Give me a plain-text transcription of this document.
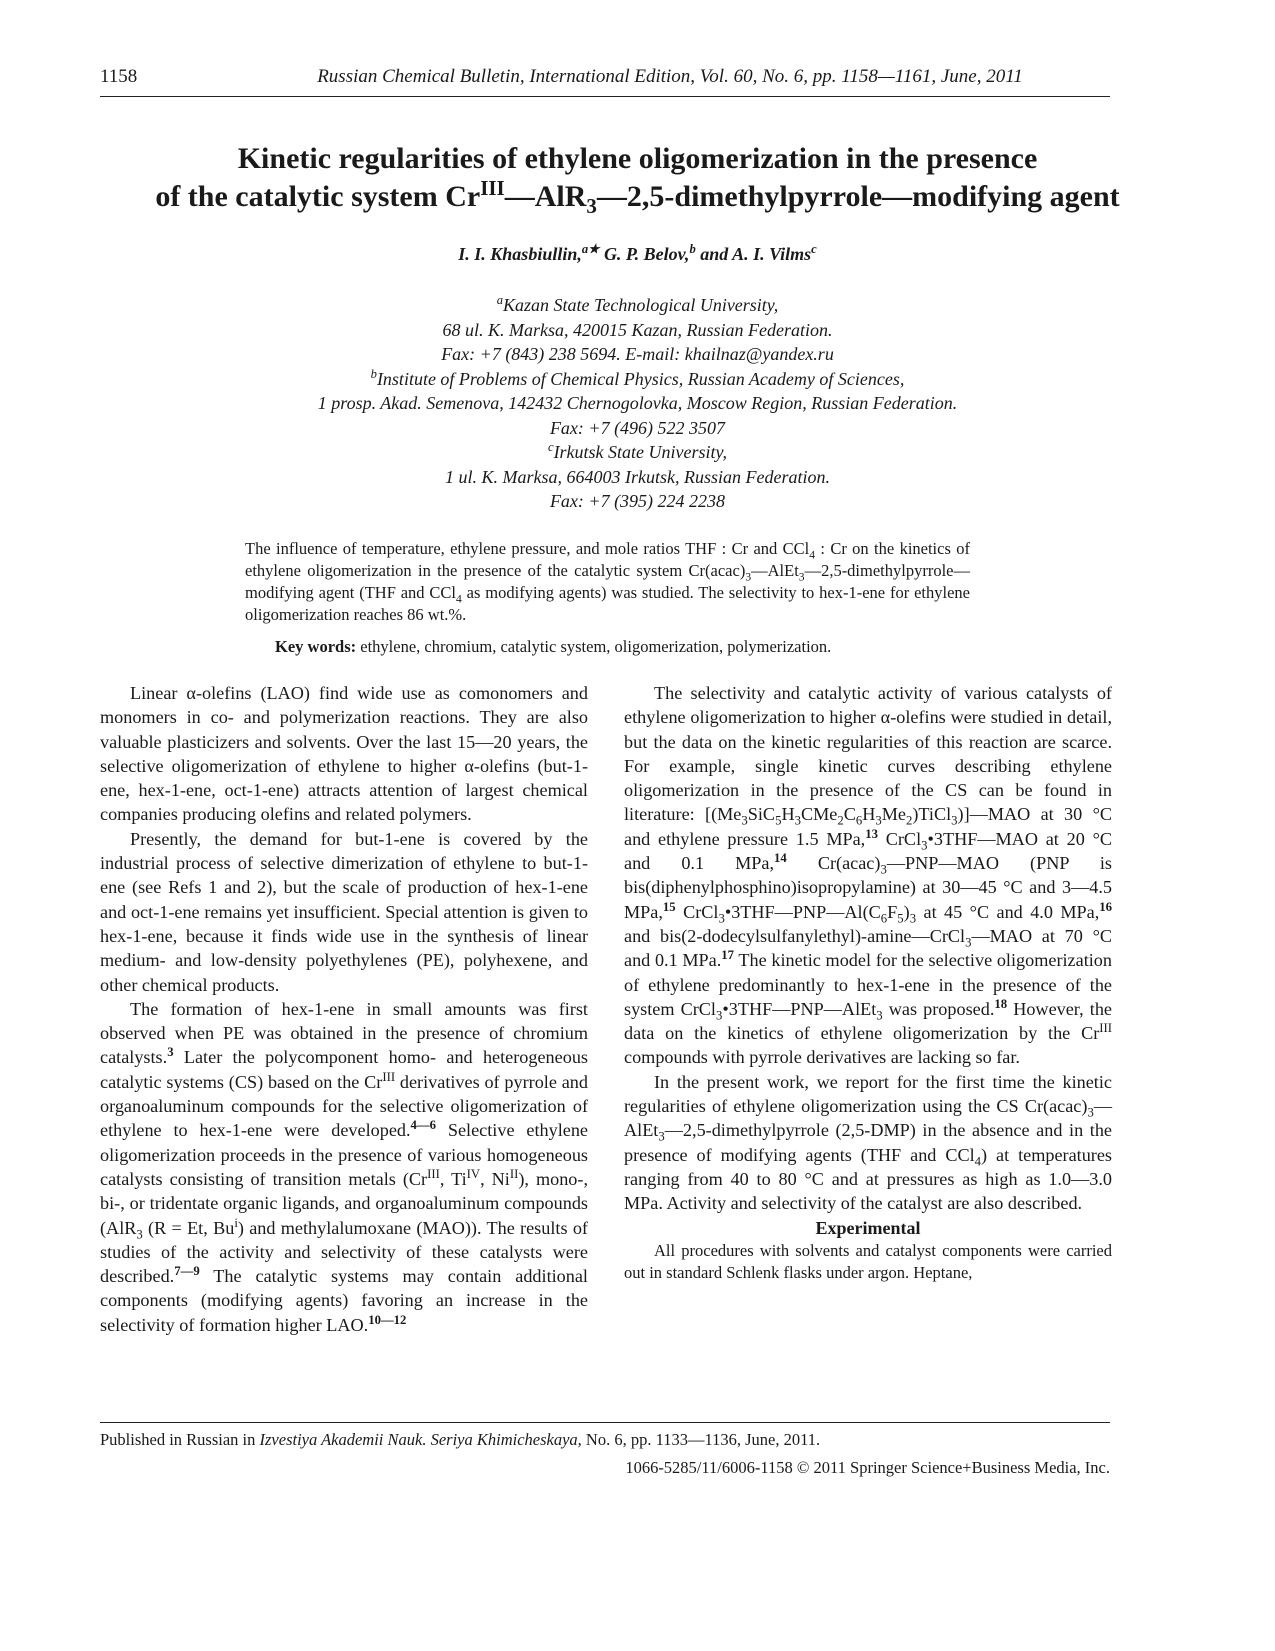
1158	Russian Chemical Bulletin, International Edition, Vol. 60, No. 6, pp. 1158—1161, June, 2011
Kinetic regularities of ethylene oligomerization in the presence
of the catalytic system $Cr^{III}—AlR_3—2,5-dimethylpyrrole—modifying$ agent
I. I. Khasbiullin,$^{a★}$ G. P. Belov,$^b$ and A. I. Vilms$^c$
$^a$Kazan State Technological University,
68 ul. K. Marksa, 420015 Kazan, Russian Federation.
Fax: +7 (843) 238 5694. E-mail: khailnaz@yandex.ru
$^b$Institute of Problems of Chemical Physics, Russian Academy of Sciences,
1 prosp. Akad. Semenova, 142432 Chernogolovka, Moscow Region, Russian Federation.
Fax: +7 (496) 522 3507
$^c$Irkutsk State University,
1 ul. K. Marksa, 664003 Irkutsk, Russian Federation.
Fax: +7 (395) 224 2238
The influence of temperature, ethylene pressure, and mole ratios THF : Cr and CCl$_4$ : Cr on the kinetics of ethylene oligomerization in the presence of the catalytic system $Cr(acac)_3—AlEt_3—2,5-dimethylpyrrole—modifying$ agent (THF and CCl$_4$ as modifying agents) was studied. The selectivity to hex-1-ene for ethylene oligomerization reaches 86 wt.%.
Key words: ethylene, chromium, catalytic system, oligomerization, polymerization.

Linear α-olefins (LAO) find wide use as comonomers and monomers in co- and polymerization reactions. They are also valuable plasticizers and solvents. Over the last 15—20 years, the selective oligomerization of ethylene to higher α-olefins (but-1-ene, hex-1-ene, oct-1-ene) attracts attention of largest chemical companies producing olefins and related polymers.

Presently, the demand for but-1-ene is covered by the industrial process of selective dimerization of ethylene to but-1-ene (see Refs 1 and 2), but the scale of production of hex-1-ene and oct-1-ene remains yet insufficient. Special attention is given to hex-1-ene, because it finds wide use in the synthesis of linear medium- and low-density polyethylenes (PE), polyhexene, and other chemical products.

The formation of hex-1-ene in small amounts was first observed when PE was obtained in the presence of chromium catalysts.$^3$ Later the polycomponent homo- and heterogeneous catalytic systems (CS) based on the $Cr^{III}$ derivatives of pyrrole and organoaluminum compounds for the selective oligomerization of ethylene to hex-1-ene were developed.$^{4—6}$ Selective ethylene oligomerization proceeds in the presence of various homogeneous catalysts consisting of transition metals ($Cr^{III}$, $Ti^{IV}$, $Ni^{II}$), mono-, bi-, or tridentate organic ligands, and organoaluminum compounds (AlR$_3$ (R = Et, Bu$^i$) and methylalumoxane (MAO)). The results of studies of the activity and selectivity of these catalysts were described.$^{7—9}$ The catalytic systems may contain additional components (modifying agents) favoring an increase in the selectivity of formation higher LAO.$^{10—12}$

The selectivity and catalytic activity of various catalysts of ethylene oligomerization to higher α-olefins were studied in detail, but the data on the kinetic regularities of this reaction are scarce. For example, single kinetic curves describing ethylene oligomerization in the presence of the CS can be found in literature: $[(Me_3SiC_5H_3CMe_2C_6H_3Me_2)TiCl_3)]—MAO$ at 30 °C and ethylene pressure 1.5 MPa,$^{13}$ CrCl$_3$•3THF—MAO at 20 °C and 0.1 MPa,$^{14}$ $Cr(acac)_3—PNP—MAO$ (PNP is bis(diphenylphosphino)isopropylamine) at 30—45 °C and 3—4.5 MPa,$^{15}$ $CrCl_3•3THF—PNP—Al(C_6F_5)_3$ at 45 °C and 4.0 MPa,$^{16}$ and bis(2-dodecylsulfanylethyl)-amine—CrCl$_3$—MAO at 70 °C and 0.1 MPa.$^{17}$ The kinetic model for the selective oligomerization of ethylene predominantly to hex-1-ene in the presence of the system CrCl$_3$•3THF—PNP—AlEt$_3$ was proposed.$^{18}$ However, the data on the kinetics of ethylene oligomerization by the $Cr^{III}$ compounds with pyrrole derivatives are lacking so far.

In the present work, we report for the first time the kinetic regularities of ethylene oligomerization using the CS $Cr(acac)_3—AlEt_3—2,5$-dimethylpyrrole (2,5-DMP) in the absence and in the presence of modifying agents (THF and CCl$_4$) at temperatures ranging from 40 to 80 °C and at pressures as high as 1.0—3.0 MPa. Activity and selectivity of the catalyst are also described.

Experimental

All procedures with solvents and catalyst components were carried out in standard Schlenk flasks under argon. Heptane,

Published in Russian in Izvestiya Akademii Nauk. Seriya Khimicheskaya, No. 6, pp. 1133—1136, June, 2011.
1066-5285/11/6006-1158 © 2011 Springer Science+Business Media, Inc.
